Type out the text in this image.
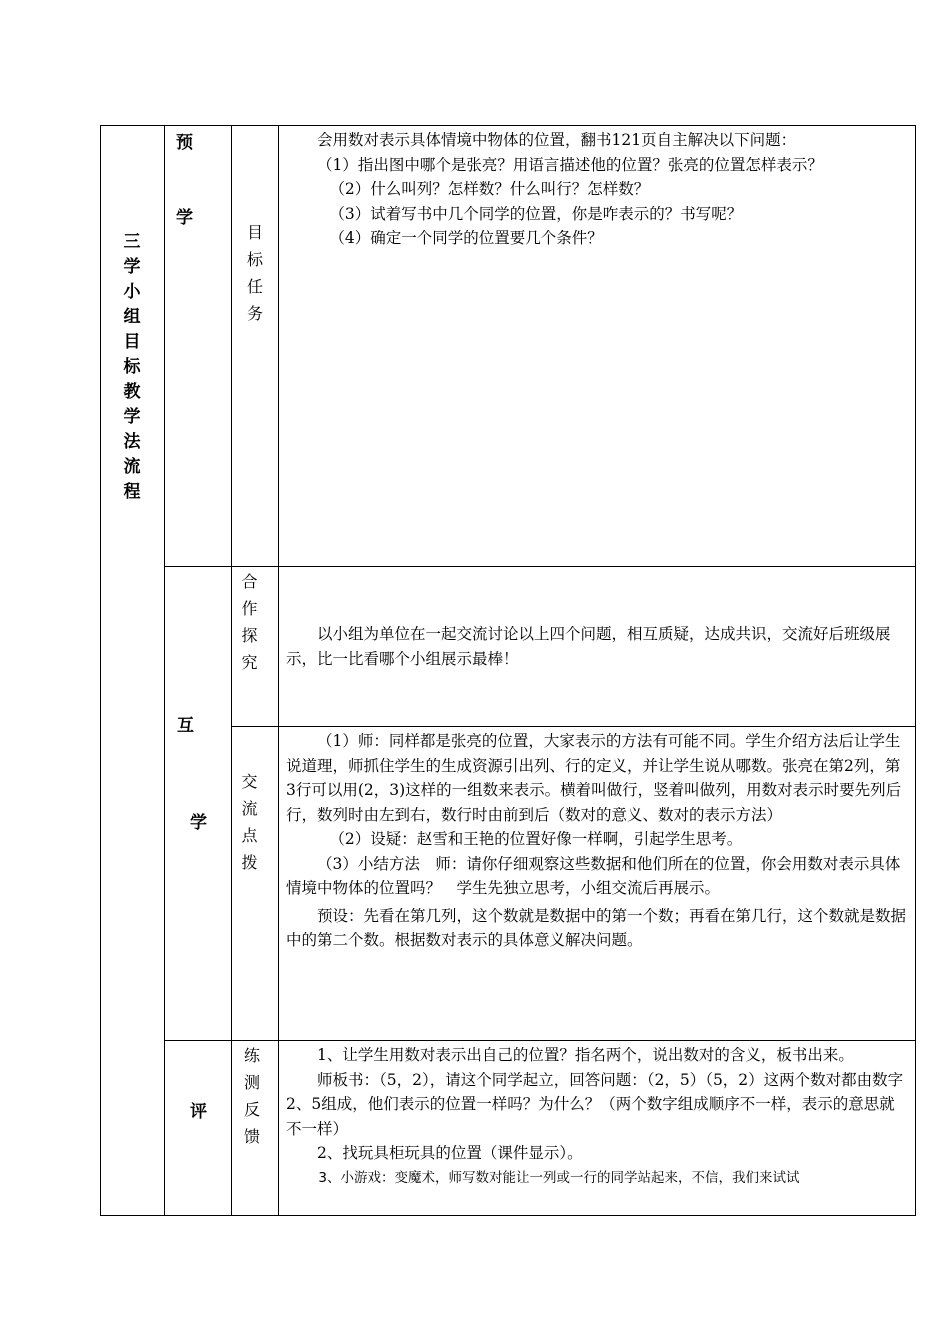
三
学
小
组
目
标
教
学
法
流
程
预
学
互
学
评
目
标
任
务
合
作
探
究
交
流
点
拨
练
测
反
馈

会用数对表示具体情境中物体的位置，翻书121页自主解决以下问题：

（1）指出图中哪个是张亮？用语言描述他的位置？张亮的位置怎样表示？

（2）什么叫列？怎样数？什么叫行？怎样数？

（3）试着写书中几个同学的位置，你是咋表示的？书写呢？

（4）确定一个同学的位置要几个条件？

以小组为单位在一起交流讨论以上四个问题，相互质疑，达成共识，交流好后班级展示，比一比看哪个小组展示最棒！

（1）师：同样都是张亮的位置，大家表示的方法有可能不同。学生介绍方法后让学生说道理，师抓住学生的生成资源引出列、行的定义，并让学生说从哪数。张亮在第2列，第3行可以用(2，3)这样的一组数来表示。横着叫做行，竖着叫做列，用数对表示时要先列后行，数列时由左到右，数行时由前到后（数对的意义、数对的表示方法）

（2）设疑：赵雪和王艳的位置好像一样啊，引起学生思考。

（3）小结方法　师：请你仔细观察这些数据和他们所在的位置，你会用数对表示具体情境中物体的位置吗？　学生先独立思考，小组交流后再展示。

预设：先看在第几列，这个数就是数据中的第一个数；再看在第几行，这个数就是数据中的第二个数。根据数对表示的具体意义解决问题。

1、让学生用数对表示出自己的位置？指名两个，说出数对的含义，板书出来。

师板书：（5，2），请这个同学起立，回答问题：（2，5）（5，2）这两个数对都由数字2、5组成，他们表示的位置一样吗？为什么？（两个数字组成顺序不一样，表示的意思就不一样）

2、找玩具柜玩具的位置（课件显示）。

3、小游戏：变魔术，师写数对能让一列或一行的同学站起来，不信，我们来试试
